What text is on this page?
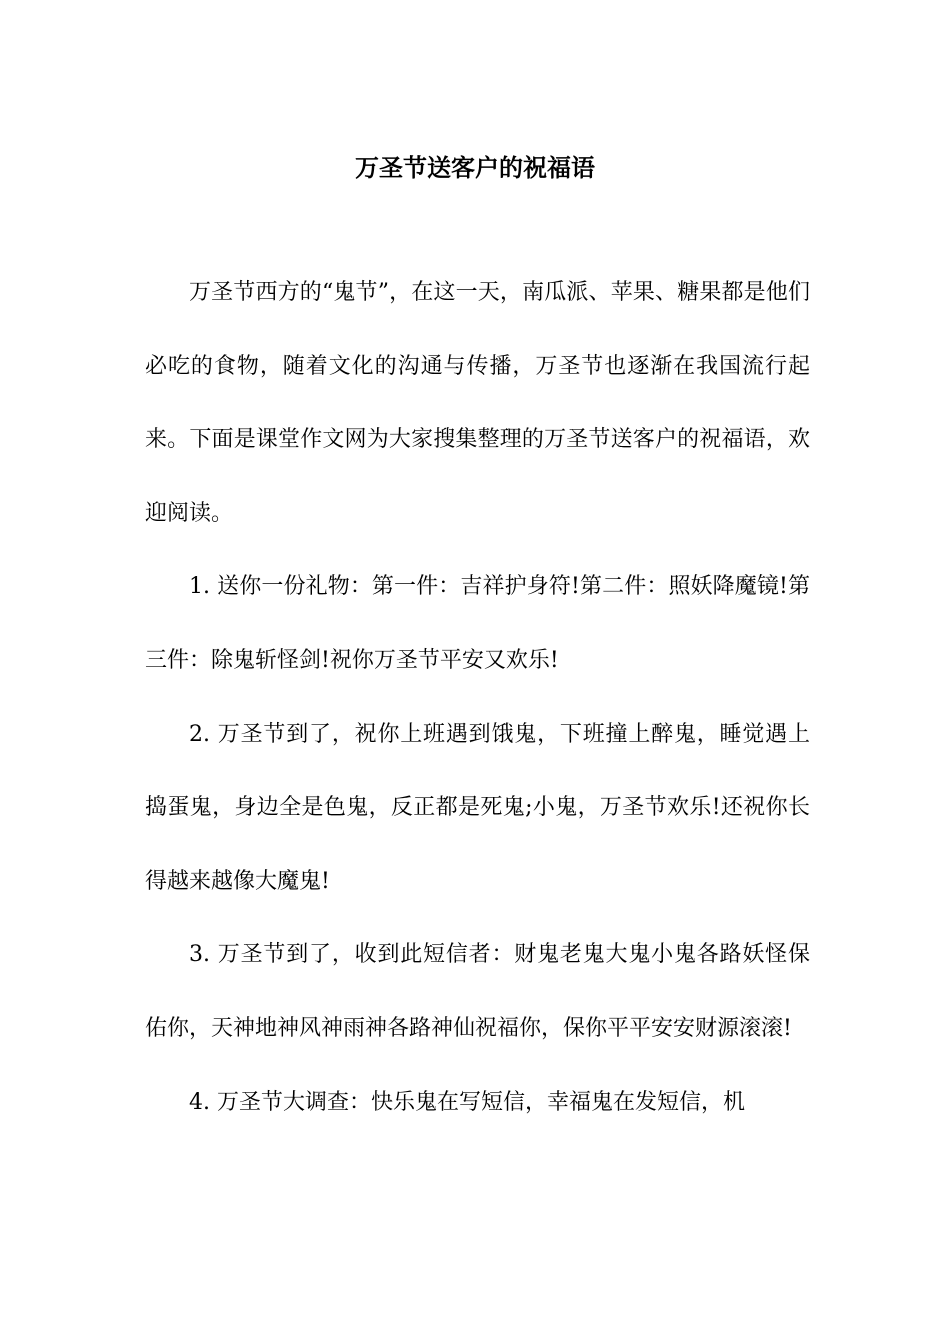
万圣节送客户的祝福语

万圣节西方的“鬼节”，在这一天，南瓜派、苹果、糖果都是他们必吃的食物，随着文化的沟通与传播，万圣节也逐渐在我国流行起来。下面是课堂作文网为大家搜集整理的万圣节送客户的祝福语，欢迎阅读。

1. 送你一份礼物：第一件：吉祥护身符!第二件：照妖降魔镜!第三件：除鬼斩怪剑!祝你万圣节平安又欢乐!

2. 万圣节到了，祝你上班遇到饿鬼，下班撞上醉鬼，睡觉遇上捣蛋鬼，身边全是色鬼，反正都是死鬼;小鬼，万圣节欢乐!还祝你长得越来越像大魔鬼!

3. 万圣节到了，收到此短信者：财鬼老鬼大鬼小鬼各路妖怪保佑你，天神地神风神雨神各路神仙祝福你，保你平平安安财源滚滚!

4. 万圣节大调查：快乐鬼在写短信，幸福鬼在发短信，机
